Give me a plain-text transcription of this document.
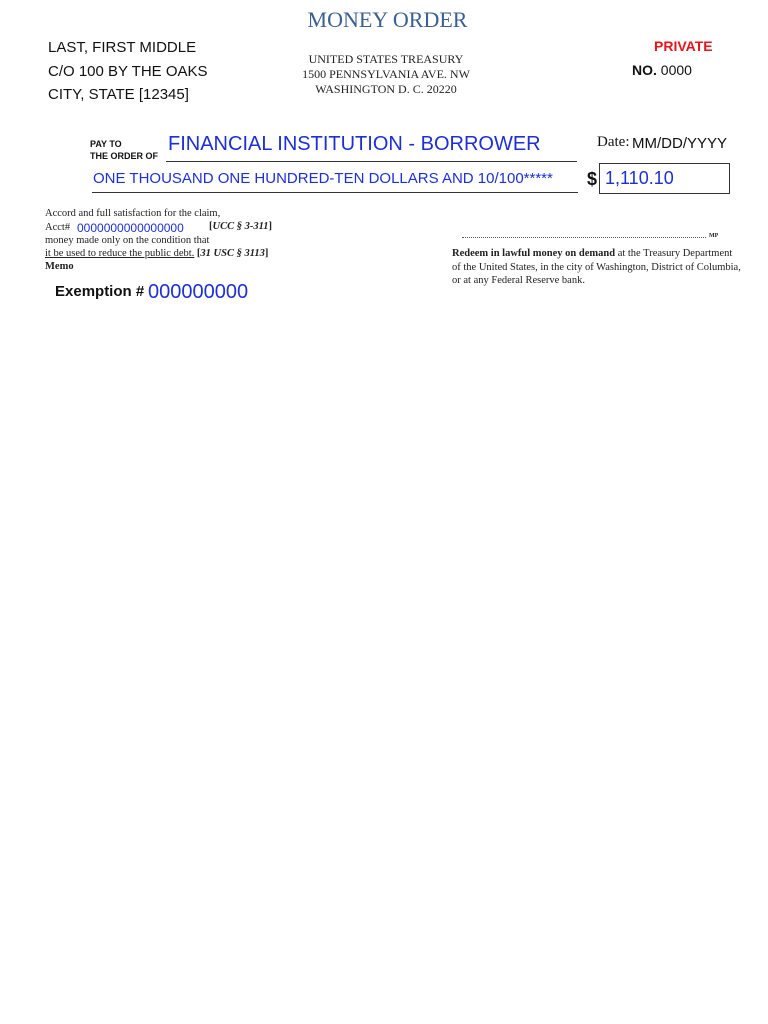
MONEY ORDER
LAST, FIRST MIDDLE
C/O 100 BY THE OAKS
CITY, STATE [12345]
UNITED STATES TREASURY
1500 PENNSYLVANIA AVE. NW
WASHINGTON D. C. 20220
PRIVATE
NO. 0000
PAY TO
THE ORDER OF
FINANCIAL INSTITUTION - BORROWER	Date: MM/DD/YYYY
ONE THOUSAND ONE HUNDRED-TEN DOLLARS AND 10/100***** $ 1,110.10
Accord and full satisfaction for the claim,
Acct# 0000000000000000 [UCC § 3-311]
money made only on the condition that
it be used to reduce the public debt. [31 USC § 3113]
Memo
Exemption # 000000000
MP
Redeem in lawful money on demand at the Treasury Department of the United States, in the city of Washington, District of Columbia, or at any Federal Reserve bank.
